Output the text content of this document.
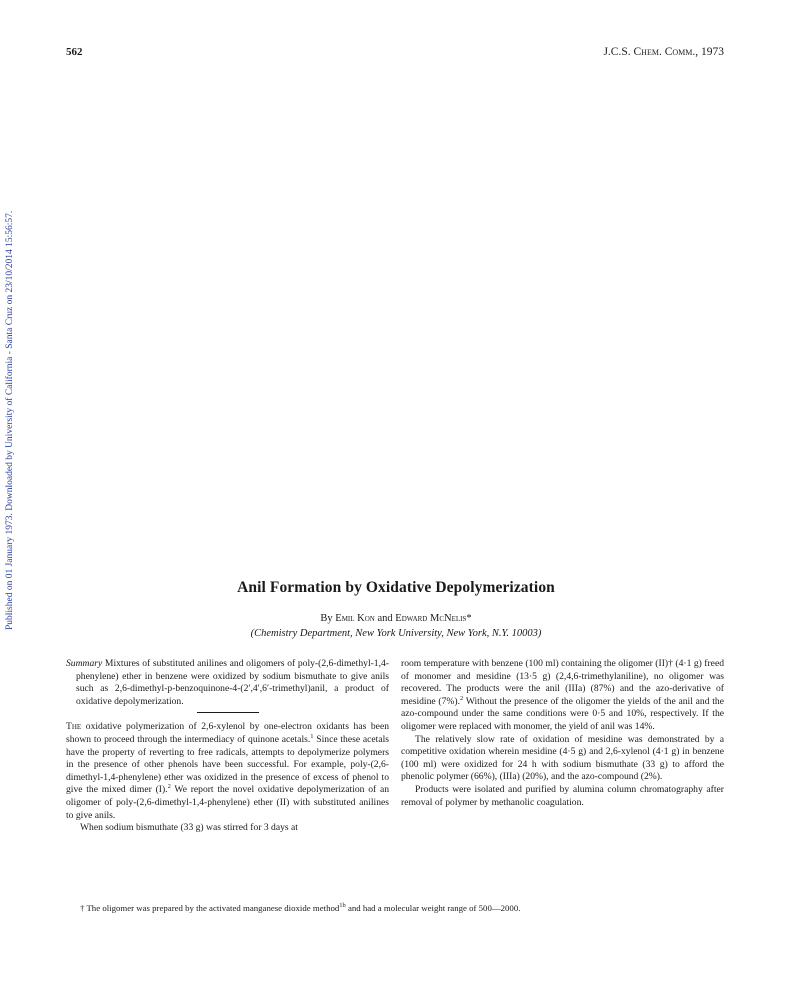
562	J.C.S. Chem. Comm., 1973
Published on 01 January 1973. Downloaded by University of California - Santa Cruz on 23/10/2014 15:56:57.	Anil Formation by Oxidative Depolymerization
By Emil Kon and Edward McNelis*
(Chemistry Department, New York University, New York, N.Y. 10003)

Summary Mixtures of substituted anilines and oligomers of poly-(2,6-dimethyl-1,4-phenylene) ether in benzene were oxidized by sodium bismuthate to give anils such as 2,6-dimethyl-p-benzoquinone-4-(2′,4′,6′-trimethyl)anil, a product of oxidative depolymerization.

The oxidative polymerization of 2,6-xylenol by one-electron oxidants has been shown to proceed through the intermediacy of quinone acetals.$^1$ Since these acetals have the property of reverting to free radicals, attempts to depolymerize polymers in the presence of other phenols have been successful. For example, poly-(2,6-dimethyl-1,4-phenylene) ether was oxidized in the presence of excess of phenol to give the mixed dimer (I).$^2$ We report the novel oxidative depolymerization of an oligomer of poly-(2,6-dimethyl-1,4-phenylene) ether (II) with substituted anilines to give anils.

When sodium bismuthate (33 g) was stirred for 3 days at

room temperature with benzene (100 ml) containing the oligomer (II)† (4·1 g) freed of monomer and mesidine (13·5 g) (2,4,6-trimethylaniline), no oligomer was recovered. The products were the anil (IIIa) (87%) and the azo-derivative of mesidine (7%).$^2$ Without the presence of the oligomer the yields of the anil and the azo-compound under the same conditions were 0·5 and 10%, respectively. If the oligomer were replaced with monomer, the yield of anil was 14%.

The relatively slow rate of oxidation of mesidine was demonstrated by a competitive oxidation wherein mesidine (4·5 g) and 2,6-xylenol (4·1 g) in benzene (100 ml) were oxidized for 24 h with sodium bismuthate (33 g) to afford the phenolic polymer (66%), (IIIa) (20%), and the azo-compound (2%).

Products were isolated and purified by alumina column chromatography after removal of polymer by methanolic coagulation.

† The oligomer was prepared by the activated manganese dioxide method$^{1b}$ and had a molecular weight range of 500—2000.
